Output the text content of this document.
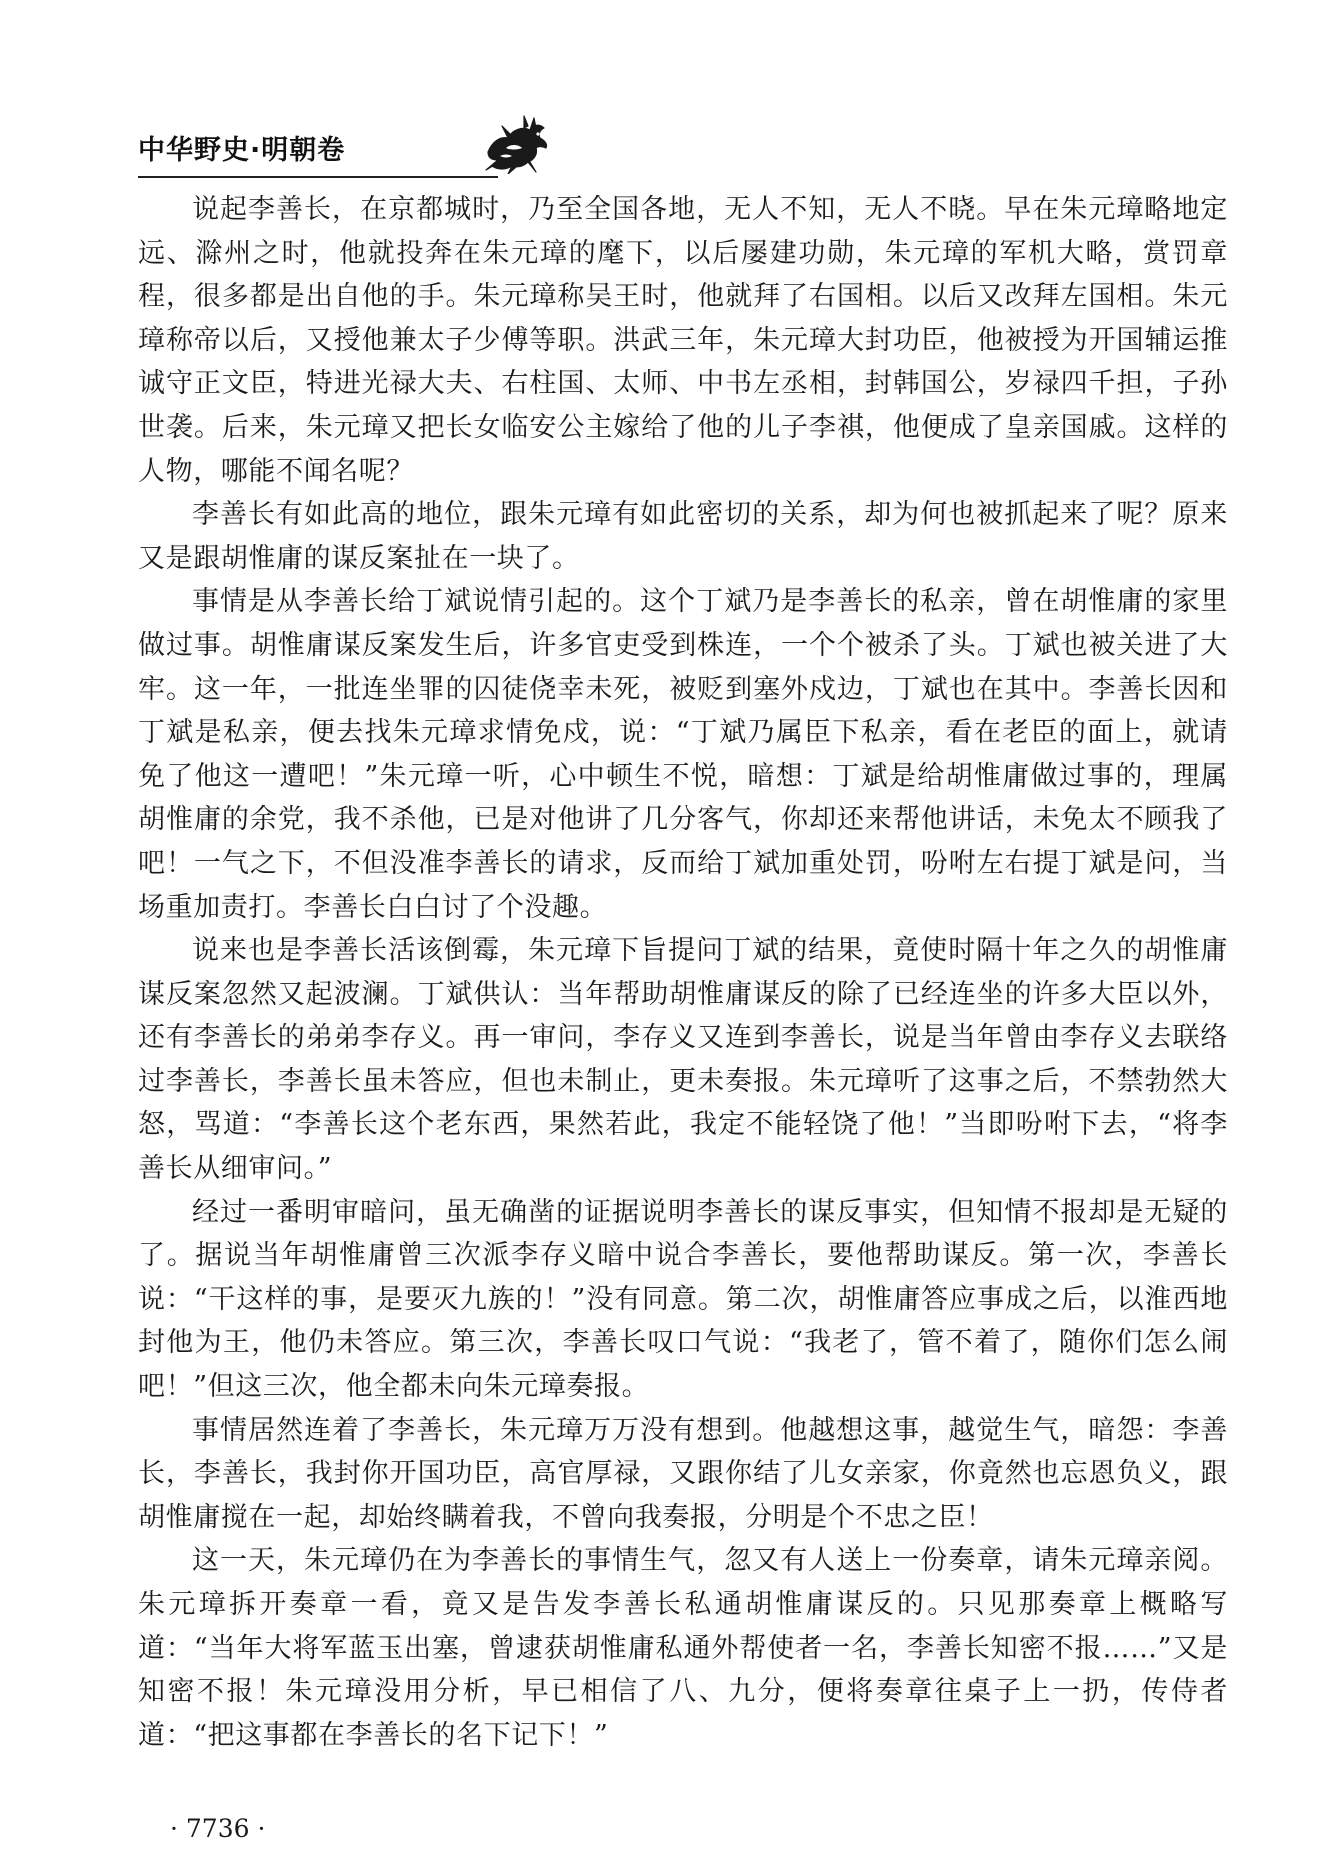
中华野史·明朝卷

说起李善长，在京都城时，乃至全国各地，无人不知，无人不晓。早在朱元璋略地定远、滁州之时，他就投奔在朱元璋的麾下，以后屡建功勋，朱元璋的军机大略，赏罚章程，很多都是出自他的手。朱元璋称吴王时，他就拜了右国相。以后又改拜左国相。朱元璋称帝以后，又授他兼太子少傅等职。洪武三年，朱元璋大封功臣，他被授为开国辅运推诚守正文臣，特进光禄大夫、右柱国、太师、中书左丞相，封韩国公，岁禄四千担，子孙世袭。后来，朱元璋又把长女临安公主嫁给了他的儿子李祺，他便成了皇亲国戚。这样的人物，哪能不闻名呢？

李善长有如此高的地位，跟朱元璋有如此密切的关系，却为何也被抓起来了呢？原来又是跟胡惟庸的谋反案扯在一块了。

事情是从李善长给丁斌说情引起的。这个丁斌乃是李善长的私亲，曾在胡惟庸的家里做过事。胡惟庸谋反案发生后，许多官吏受到株连，一个个被杀了头。丁斌也被关进了大牢。这一年，一批连坐罪的囚徒侥幸未死，被贬到塞外戍边，丁斌也在其中。李善长因和丁斌是私亲，便去找朱元璋求情免戍，说：“丁斌乃属臣下私亲，看在老臣的面上，就请免了他这一遭吧！”朱元璋一听，心中顿生不悦，暗想：丁斌是给胡惟庸做过事的，理属胡惟庸的余党，我不杀他，已是对他讲了几分客气，你却还来帮他讲话，未免太不顾我了吧！一气之下，不但没准李善长的请求，反而给丁斌加重处罚，吩咐左右提丁斌是问，当场重加责打。李善长白白讨了个没趣。

说来也是李善长活该倒霉，朱元璋下旨提问丁斌的结果，竟使时隔十年之久的胡惟庸谋反案忽然又起波澜。丁斌供认：当年帮助胡惟庸谋反的除了已经连坐的许多大臣以外，还有李善长的弟弟李存义。再一审问，李存义又连到李善长，说是当年曾由李存义去联络过李善长，李善长虽未答应，但也未制止，更未奏报。朱元璋听了这事之后，不禁勃然大怒，骂道：“李善长这个老东西，果然若此，我定不能轻饶了他！”当即吩咐下去，“将李善长从细审问。”

经过一番明审暗问，虽无确凿的证据说明李善长的谋反事实，但知情不报却是无疑的了。据说当年胡惟庸曾三次派李存义暗中说合李善长，要他帮助谋反。第一次，李善长说：“干这样的事，是要灭九族的！”没有同意。第二次，胡惟庸答应事成之后，以淮西地封他为王，他仍未答应。第三次，李善长叹口气说：“我老了，管不着了，随你们怎么闹吧！”但这三次，他全都未向朱元璋奏报。

事情居然连着了李善长，朱元璋万万没有想到。他越想这事，越觉生气，暗怨：李善长，李善长，我封你开国功臣，高官厚禄，又跟你结了儿女亲家，你竟然也忘恩负义，跟胡惟庸搅在一起，却始终瞒着我，不曾向我奏报，分明是个不忠之臣！

这一天，朱元璋仍在为李善长的事情生气，忽又有人送上一份奏章，请朱元璋亲阅。朱元璋拆开奏章一看，竟又是告发李善长私通胡惟庸谋反的。只见那奏章上概略写道：“当年大将军蓝玉出塞，曾逮获胡惟庸私通外帮使者一名，李善长知密不报……”又是知密不报！朱元璋没用分析，早已相信了八、九分，便将奏章往桌子上一扔，传侍者道：“把这事都在李善长的名下记下！”

· 7736 ·
